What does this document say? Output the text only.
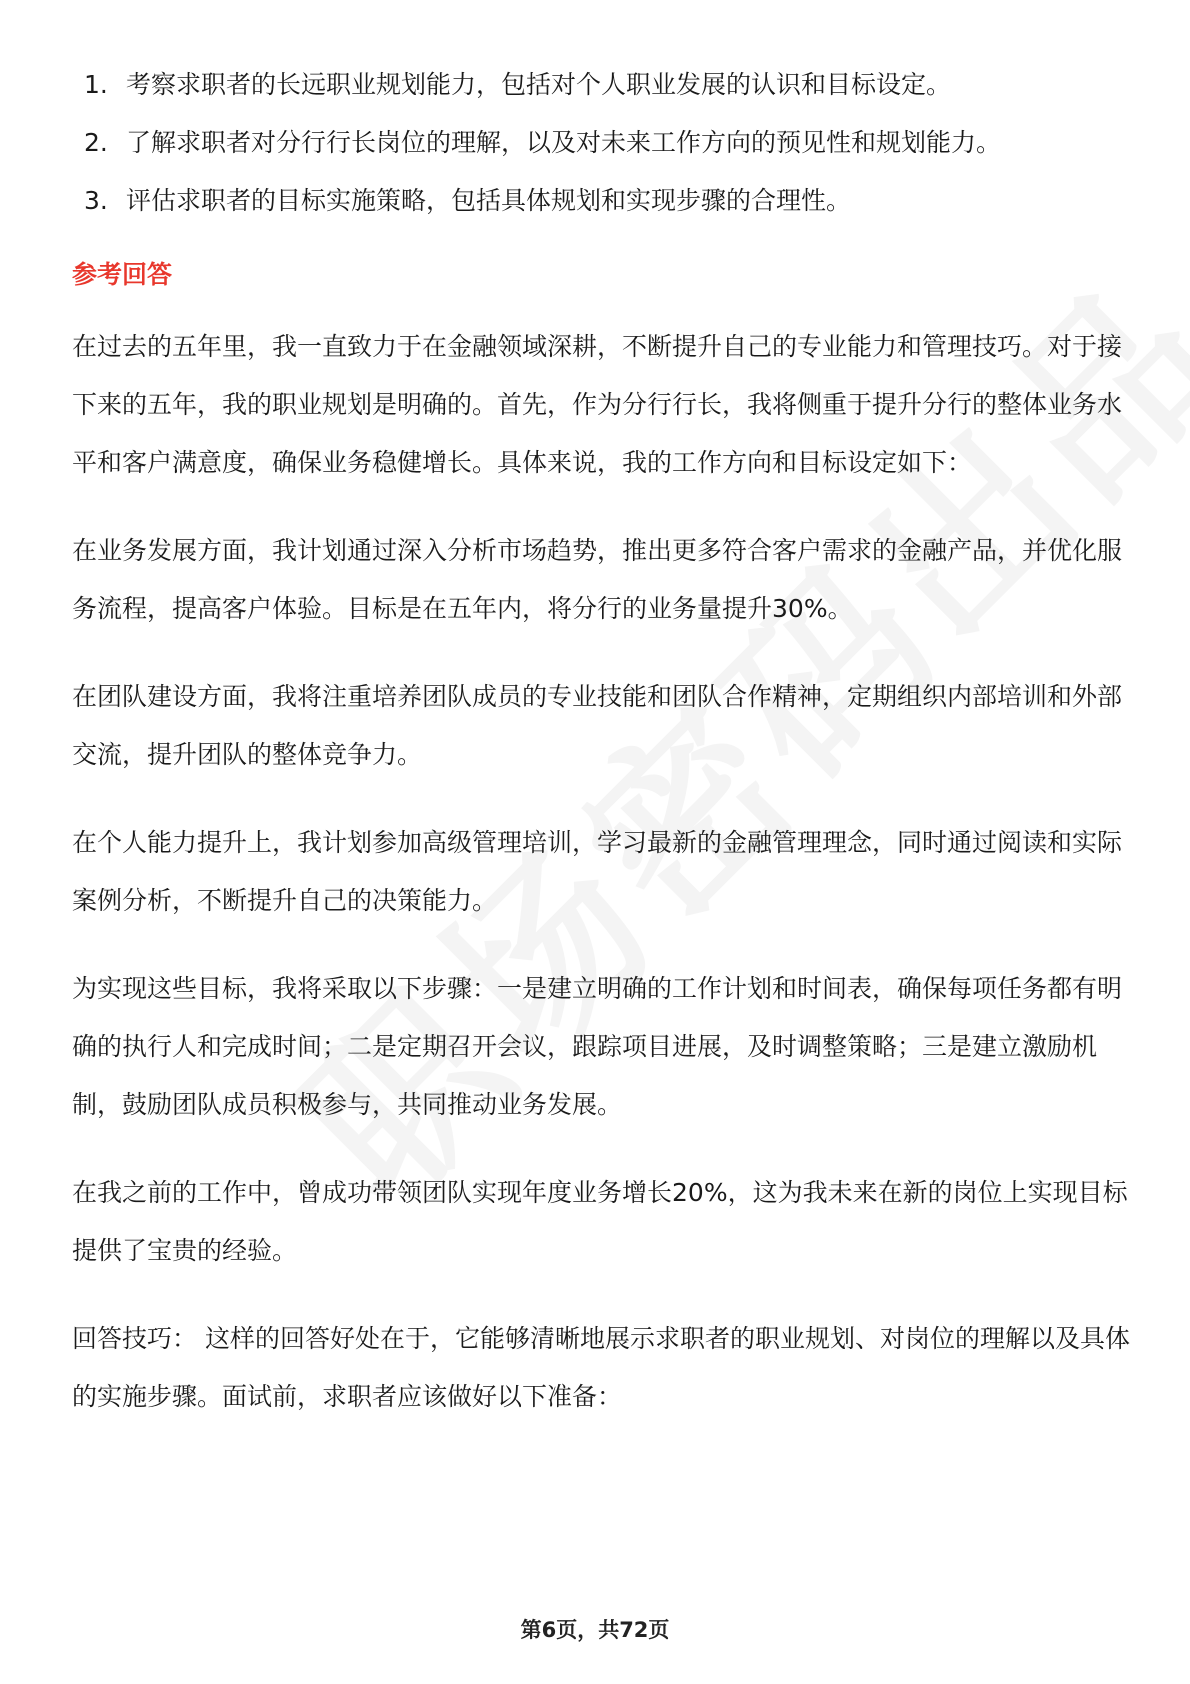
1. 考察求职者的长远职业规划能力，包括对个人职业发展的认识和目标设定。
2. 了解求职者对分行行长岗位的理解，以及对未来工作方向的预见性和规划能力。
3. 评估求职者的目标实施策略，包括具体规划和实现步骤的合理性。
参考回答

在过去的五年里，我一直致力于在金融领域深耕，不断提升自己的专业能力和管理技巧。对于接下来的五年，我的职业规划是明确的。首先，作为分行行长，我将侧重于提升分行的整体业务水平和客户满意度，确保业务稳健增长。具体来说，我的工作方向和目标设定如下：

在业务发展方面，我计划通过深入分析市场趋势，推出更多符合客户需求的金融产品，并优化服务流程，提高客户体验。目标是在五年内，将分行的业务量提升30%。

在团队建设方面，我将注重培养团队成员的专业技能和团队合作精神，定期组织内部培训和外部交流，提升团队的整体竞争力。

在个人能力提升上，我计划参加高级管理培训，学习最新的金融管理理念，同时通过阅读和实际案例分析，不断提升自己的决策能力。

为实现这些目标，我将采取以下步骤：一是建立明确的工作计划和时间表，确保每项任务都有明确的执行人和完成时间；二是定期召开会议，跟踪项目进展，及时调整策略；三是建立激励机制，鼓励团队成员积极参与，共同推动业务发展。

在我之前的工作中，曾成功带领团队实现年度业务增长20%，这为我未来在新的岗位上实现目标提供了宝贵的经验。

回答技巧： 这样的回答好处在于，它能够清晰地展示求职者的职业规划、对岗位的理解以及具体的实施步骤。面试前，求职者应该做好以下准备：

第6页，共72页
